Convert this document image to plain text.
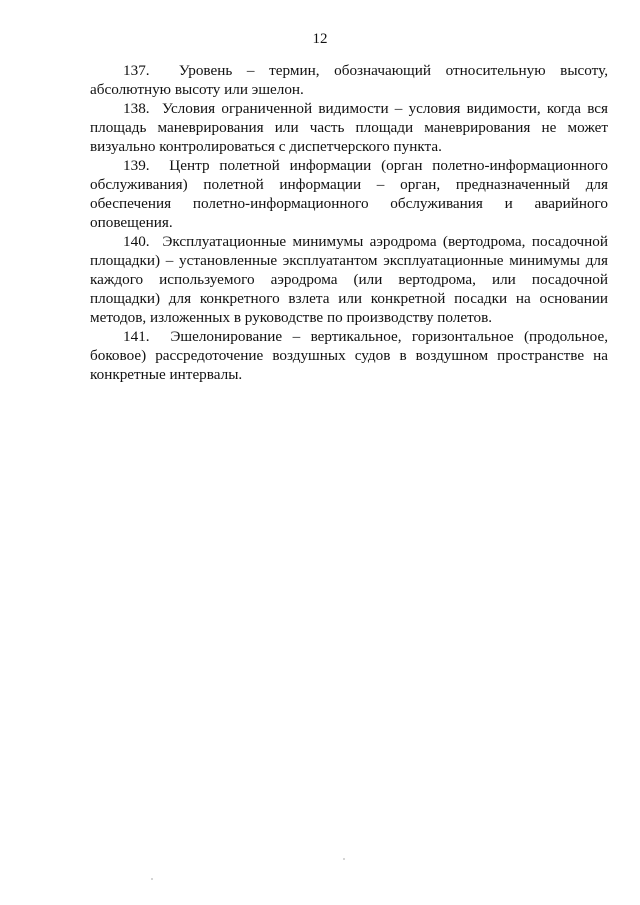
12

137. Уровень – термин, обозначающий относительную высоту, абсолютную высоту или эшелон.

138. Условия ограниченной видимости – условия видимости, когда вся площадь маневрирования или часть площади маневрирования не может визуально контролироваться с диспетчерского пункта.

139. Центр полетной информации (орган полетно-информационного обслуживания) полетной информации – орган, предназначенный для обеспечения полетно-информационного обслуживания и аварийного оповещения.

140. Эксплуатационные минимумы аэродрома (вертодрома, посадочной площадки) – установленные эксплуатантом эксплуатационные минимумы для каждого используемого аэродрома (или вертодрома, или посадочной площадки) для конкретного взлета или конкретной посадки на основании методов, изложенных в руководстве по производству полетов.

141. Эшелонирование – вертикальное, горизонтальное (продольное, боковое) рассредоточение воздушных судов в воздушном пространстве на конкретные интервалы.
